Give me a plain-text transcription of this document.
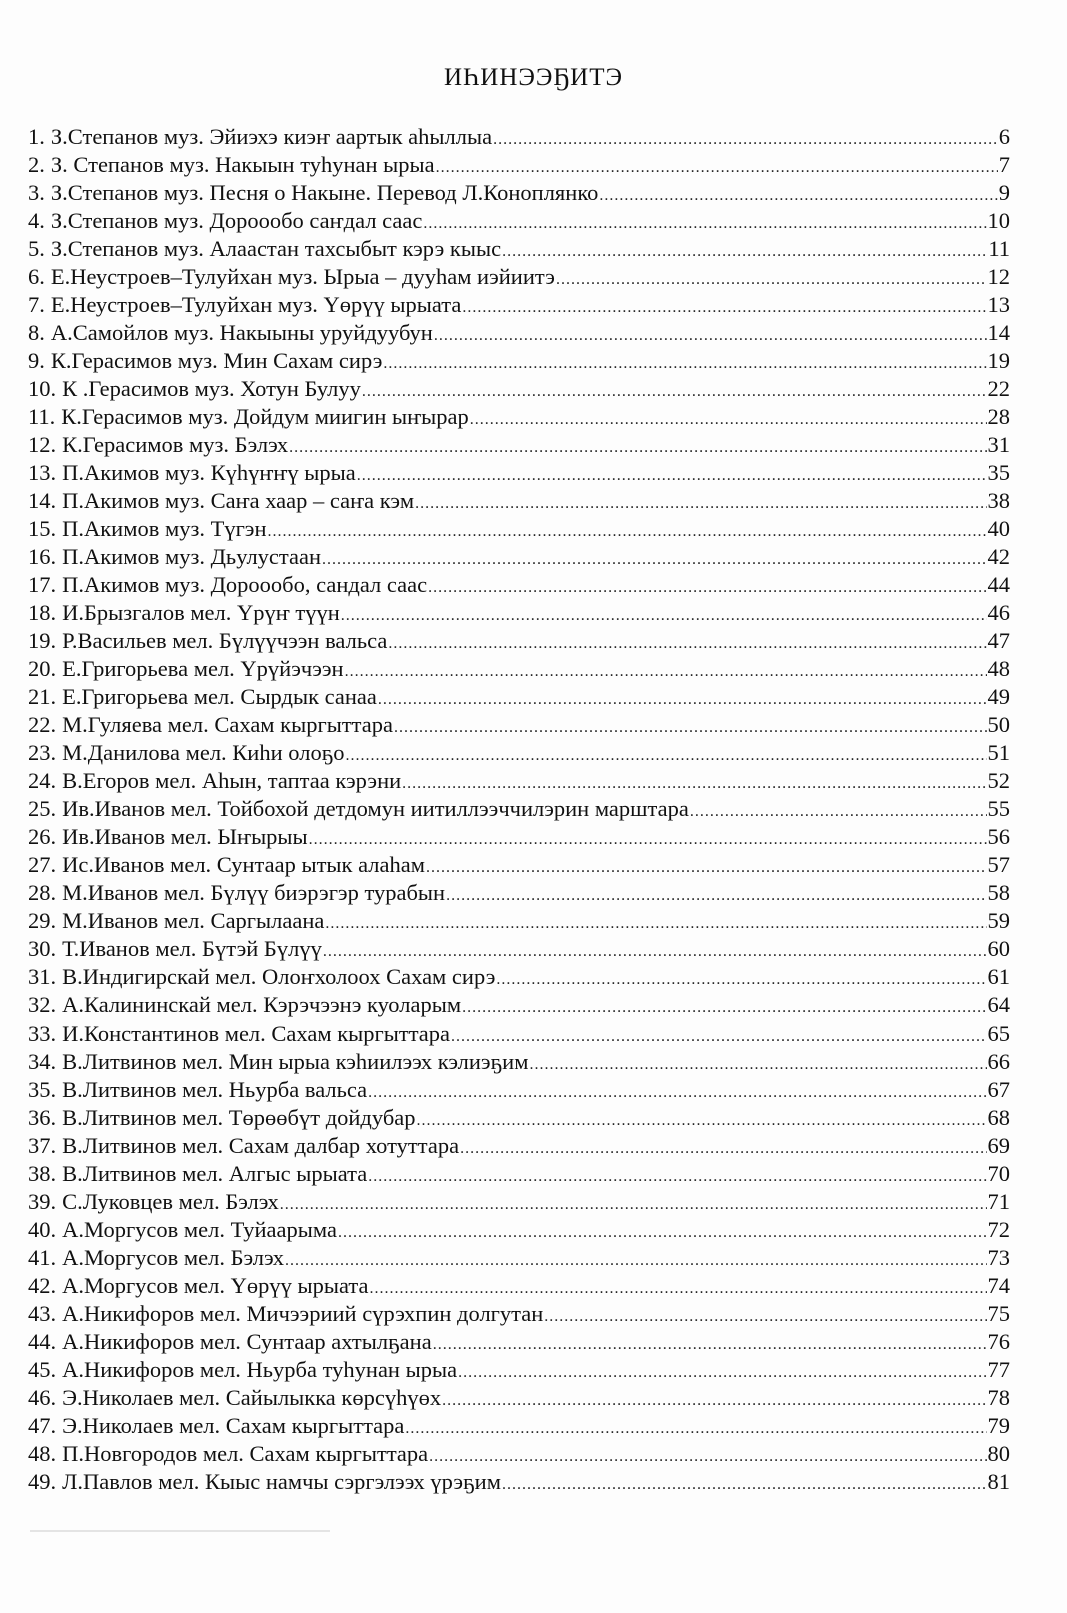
ИҺИНЭЭҔИТЭ
1. З.Степанов муз. Эйиэхэ киэҥ аартык аһыллыа .....	6
2. З. Степанов муз. Накыын туһунан ырыа .....	7
3. З.Степанов муз. Песня о Накыне. Перевод Л.Коноплянко .....	9
4. З.Степанов муз. Дороообо саҥдал саас .....	10
5. З.Степанов муз. Алаастан тахсыбыт кэрэ кыыс .....	11
6. Е.Неустроев–Тулуйхан муз. Ырыа – дууһам иэйиитэ .....	12
7. Е.Неустроев–Тулуйхан муз. Үөрүү ырыата .....	13
8. А.Самойлов муз. Накыыны уруйдуубун .....	14
9. К.Герасимов муз. Мин Сахам сирэ .....	19
10. К .Герасимов муз. Хотун Булуу .....	22
11. К.Герасимов муз. Дойдум миигин ыҥырар .....	28
12. К.Герасимов муз. Бэлэх .....	31
13. П.Акимов муз. Күһүҥҥү ырыа .....	35
14. П.Акимов муз. Саҥа хаар – саҥа кэм .....	38
15. П.Акимов муз. Түгэн .....	40
16. П.Акимов муз. Дьулустаан .....	42
17. П.Акимов муз. Дороообо, сандал саас .....	44
18. И.Брызгалов мел. Үрүҥ түүн .....	46
19. Р.Васильев мел. Бүлүүчээн вальса .....	47
20. Е.Григорьева мел. Үрүйэчээн .....	48
21. Е.Григорьева мел. Сырдык санаа .....	49
22. М.Гуляева мел. Сахам кыргыттара .....	50
23. М.Данилова мел. Киһи олоҕо .....	51
24. В.Егоров мел. Аһын, таптаа кэрэни .....	52
25. Ив.Иванов мел. Тойбохой детдомун иитиллээччилэрин марштара .....	55
26. Ив.Иванов мел. Ыҥырыы .....	56
27. Ис.Иванов мел. Сунтаар ытык алаһам .....	57
28. М.Иванов мел. Бүлүү биэрэгэр турабын .....	58
29. М.Иванов мел. Саргылаана .....	59
30. Т.Иванов мел. Бүтэй Бүлүү .....	60
31. В.Индигирскай мел. Олоҥхолоох Сахам сирэ .....	61
32. А.Калининскай мел. Кэрэчээнэ куоларым .....	64
33. И.Константинов мел. Сахам кыргыттара .....	65
34. В.Литвинов мел. Мин ырыа кэһиилээх кэлиэҕим .....	66
35. В.Литвинов мел. Ньурба вальса .....	67
36. В.Литвинов мел. Төрөөбүт дойдубар .....	68
37. В.Литвинов мел. Сахам далбар хотуттара .....	69
38. В.Литвинов мел. Алгыс ырыата .....	70
39. С.Луковцев мел. Бэлэх .....	71
40. А.Моргусов мел. Туйаарыма .....	72
41. А.Моргусов мел. Бэлэх .....	73
42. А.Моргусов мел. Үөрүү ырыата .....	74
43. А.Никифоров мел. Мичээриий сүрэхпин долгутан .....	75
44. А.Никифоров мел. Сунтаар ахтылҕана .....	76
45. А.Никифоров мел. Ньурба туһунан ырыа .....	77
46. Э.Николаев мел. Сайылыкка көрсүһүөх .....	78
47. Э.Николаев мел. Сахам кыргыттара .....	79
48. П.Новгородов мел. Сахам кыргыттара .....	80
49. Л.Павлов мел. Кыыс намчы сэргэлээх үрэҕим .....	81
